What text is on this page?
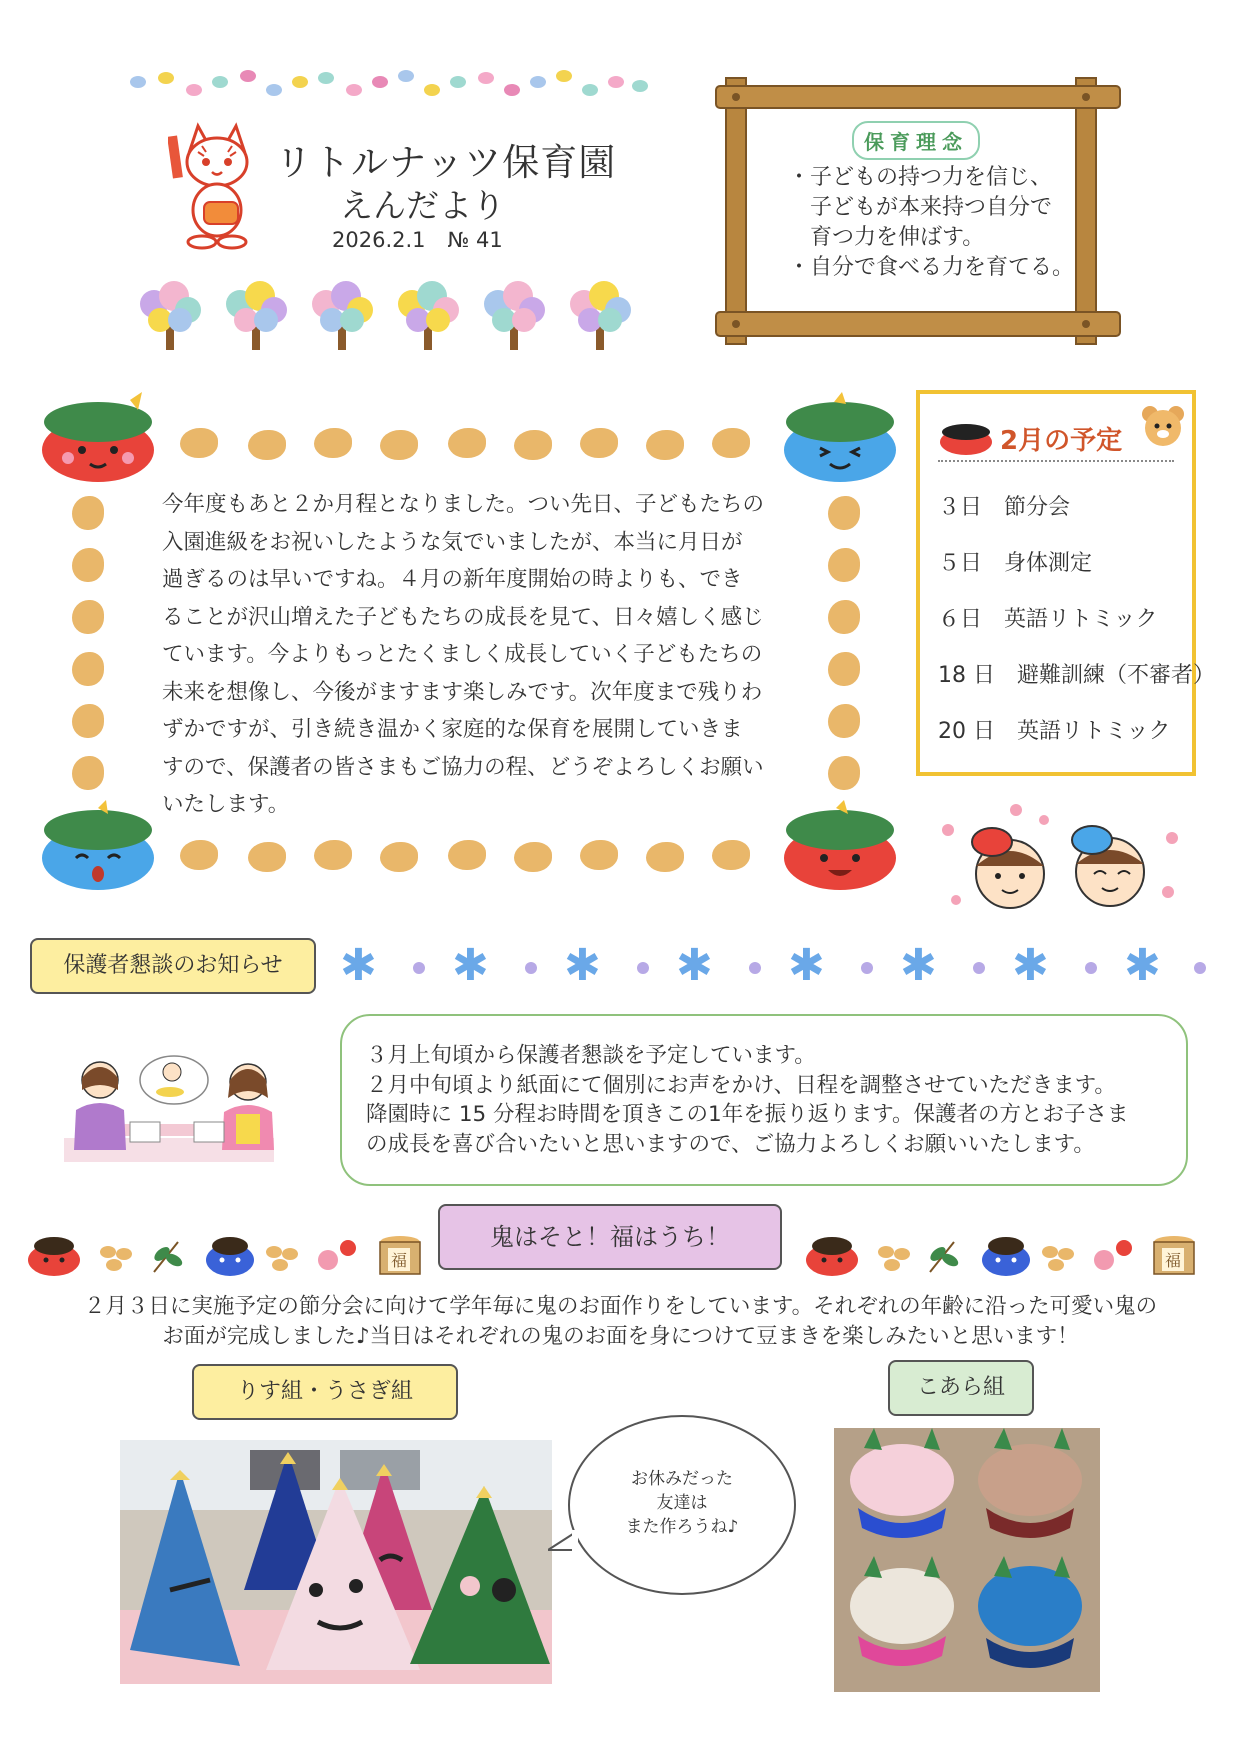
リトルナッツ保育園
えんだより
2026.2.1 № 41
保育理念
・子どもの持つ力を信じ、
　子どもが本来持つ自分で
　育つ力を伸ばす。
・自分で食べる力を育てる。
今年度もあと２か月程となりました。つい先日、子どもたちの
入園進級をお祝いしたような気でいましたが、本当に月日が
過ぎるのは早いですね。４月の新年度開始の時よりも、でき
ることが沢山増えた子どもたちの成長を見て、日々嬉しく感じ
ています。今よりもっとたくましく成長していく子どもたちの
未来を想像し、今後がますます楽しみです。次年度まで残りわ
ずかですが、引き続き温かく家庭的な保育を展開していきま
すので、保護者の皆さまもご協力の程、どうぞよろしくお願い
いたします。
2月の予定
３日　節分会
５日　身体測定
６日　英語リトミック
18 日　避難訓練（不審者）
20 日　英語リトミック
保護者懇談のお知らせ	✱ ✱ ✱ ✱ ✱ ✱ ✱ ✱
３月上旬頃から保護者懇談を予定しています。
２月中旬頃より紙面にて個別にお声をかけ、日程を調整させていただきます。
降園時に 15 分程お時間を頂きこの1年を振り返ります。保護者の方とお子さま
の成長を喜び合いたいと思いますので、ご協力よろしくお願いいたします。
福	福
鬼はそと！福はうち！
２月３日に実施予定の節分会に向けて学年毎に鬼のお面作りをしています。それぞれの年齢に沿った可愛い鬼の
お面が完成しました♪当日はそれぞれの鬼のお面を身につけて豆まきを楽しみたいと思います！
りす組・うさぎ組	こあら組
お休みだった
友達は
また作ろうね♪
